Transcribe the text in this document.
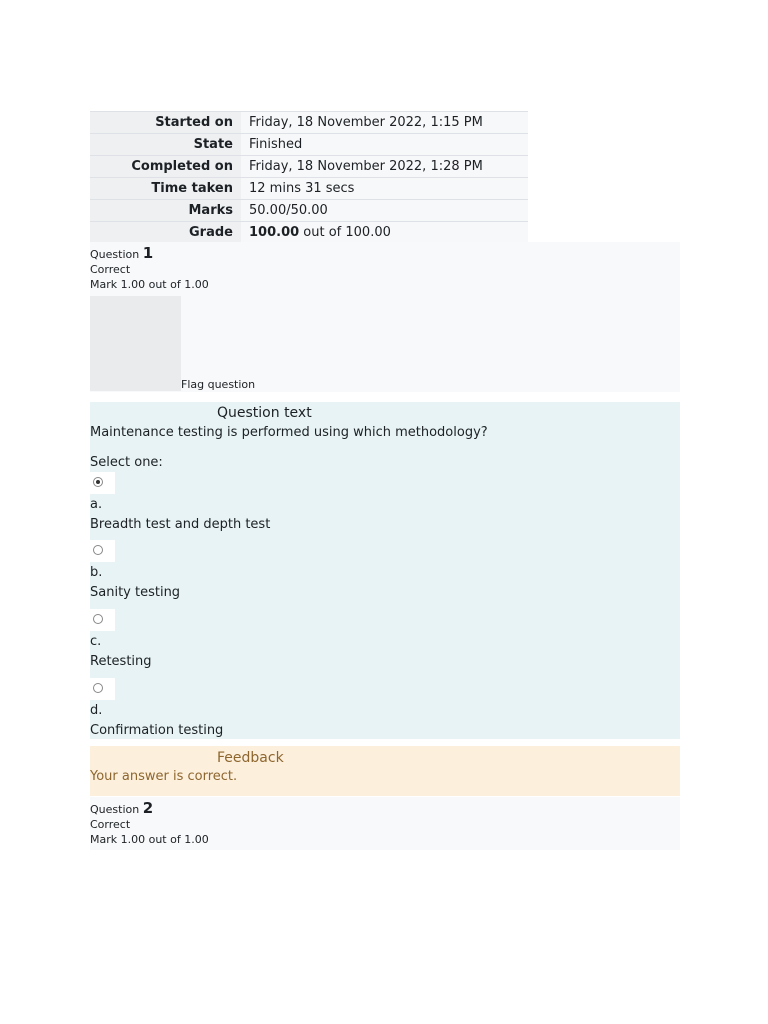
Started on	Friday, 18 November 2022, 1:15 PM
State	Finished
Completed on	Friday, 18 November 2022, 1:28 PM
Time taken	12 mins 31 secs
Marks	50.00/50.00
Grade	100.00 out of 100.00
Question 1
Correct
Mark 1.00 out of 1.00
Flag question
Question text
Maintenance testing is performed using which methodology?
Select one:
a.
Breadth test and depth test
b.
Sanity testing
c.
Retesting
d.
Confirmation testing
Feedback
Your answer is correct.
Question 2
Correct
Mark 1.00 out of 1.00
